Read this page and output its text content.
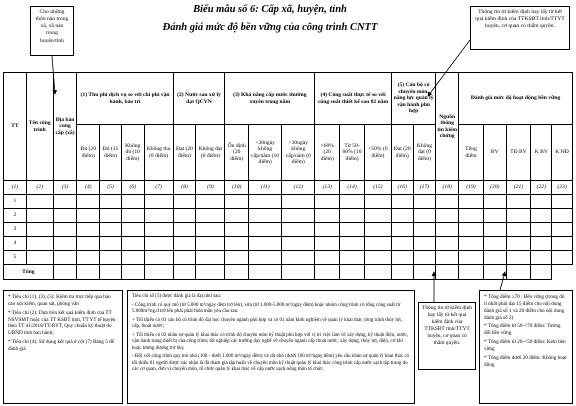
Cho những thôn nào trong xã, xã nào trong huyện/tỉnh
Thông tin từ kiểm định hay lấy từ kết quả kiểm định của TTKSBT tỉnh/TTYT huyện, cơ quan có thẩm quyền.
Biểu mẫu số 6: Cấp xã, huyện, tỉnh
Đánh giá mức độ bền vững của công trình CNTT
TT	Tên công trình	Địa bàn cung cấp (xã)	(1) Thu phí dịch vụ so với chi phí vận hành, bảo trì				(2) Nước sau xử lý đạt QCVN		(3) Khả năng cấp nước thường xuyên trong năm			(4) Công suất thực tế so với công suất thiết kế sau 02 năm			(5) Cán bộ có chuyên môn, năng lực quản lý vận hành phù hợp		Nguồn thông tin kiểm chứng	Đánh giá mức độ hoạt động bền vững				
			Đủ (20 điểm)	Đủ (15 điểm)	Không đủ (10 điểm)	Không thu (0 điểm)	Đạt (20 điểm)	Không đạt (0 điểm)	Ổn định (20 điểm)	<30ngày không cấp/năm (10 điểm)	>30ngày không cấp/năm (0 điểm)	>60% (20 điểm)	Từ 50-60% (10 điểm)	<50% (0 điểm)	Đạt (20 điểm)	Không đạt (0 điểm)		Tổng điểm	BV	TĐ BV	K BV	K HĐ
(1)	(2)	(3)	(4)	(5)	(6)	(7)	(8)	(9)	(10)	(11)	(12)	(13)	(14)	(15)	(16)	(17)	(18)	(19)	(20)	(21)	(22)	(23)
1																						
2																						
3																						
4																						
5																						
Tổng																						

* Tiêu chí (1), (3), (5): Kiểm tra trực tiếp qua báo cáo nội kiểm, quan sát, phỏng vấn

* Tiêu chí (2): Dựa trên kết quả kiểm định của TT NSVSMT hoặc của TT KSBT tỉnh, TT YT tế huyện theo TT 41/2018/TT-BYT, Quy chuẩn kỹ thuật do UBND tỉnh ban hành;

* Tiêu chí (4): Sử dụng kết quả ở cột (7) Bảng 5 để đánh giá

Tiêu chí số (5) được đánh giá là đạt như sau:

- Công trình có quy mô (từ 5.000 m³/ngày đêm trở lên), vừa (từ 1.000-5.000 m³/ngày đêm) hoặc nhóm công trình có tổng công suất từ 5.000m³/ng.đ trở lên phải phải thỏa mãn yêu cầu sau:

+ Tối thiểu có 01 cán bộ có trình độ đại học chuyên ngành phù hợp và có 01 năm kinh nghiệm về quản lý khai thác công trình thủy lợi, cấp, thoát nước;

+ Tối thiểu có 02 nhân sự quản lý khai thác có trình độ chuyên môn kỹ thuật phù hợp với vị trí việc làm về xây dựng, kỹ thuật điện, nước, vận hành trang thiết bị của công trình; tốt nghiệp các trường dạy nghề về chuyên ngành cấp thoát nước, xây dựng, thủy lợi, điện, cơ khí hoặc tương đương trở lên;

- Đối với công trình quy mô nhỏ (100 - dưới 1.000 m³/ngày đêm) và rất nhỏ (dưới 100 m³/ngày đêm) yêu cầu nhân sự quản lý khai thác có tối thiểu 01 người được xác nhận là đã tham gia tập huấn về chuyên môn kỹ thuật quản lý khai thác công trình cấp nước sạch tập trung do các cơ quan, đơn vị chuyên môn, tổ chức quản lý khai thác về cấp nước sạch nông thôn tổ chức.

Thông tin từ kiểm định hay lấy từ kết quả kiểm định của TTKSBT tỉnh/TTYT huyện, cơ quan có thẩm quyền.

* Tổng điểm ≥70 : Bền vững (trong đó ít nhất phải đạt 15 điểm cho nội dung đánh giá số 1 và 20 điểm cho nội dung đánh giá số 2)

* Tổng điểm từ 50-<70 điểm: Tương đối bền vững

* Tổng điểm từ 20-<50 điểm: Kém bền vững

* Tổng điểm dưới 20 điểm: Không hoạt động
